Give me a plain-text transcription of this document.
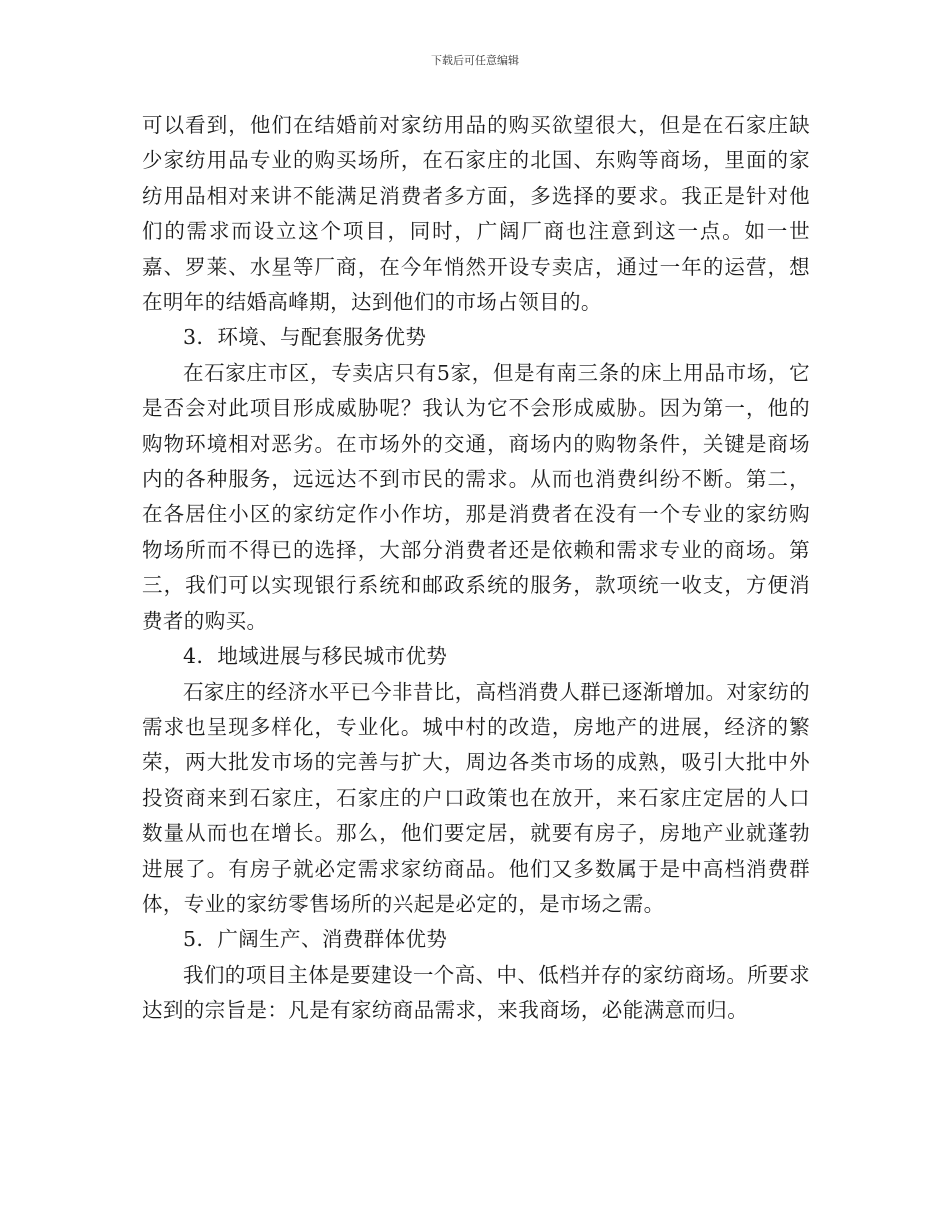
下载后可任意编辑

可以看到，他们在结婚前对家纺用品的购买欲望很大，但是在石家庄缺少家纺用品专业的购买场所，在石家庄的北国、东购等商场，里面的家纺用品相对来讲不能满足消费者多方面，多选择的要求。我正是针对他们的需求而设立这个项目，同时，广阔厂商也注意到这一点。如一世嘉、罗莱、水星等厂商，在今年悄然开设专卖店，通过一年的运营，想在明年的结婚高峰期，达到他们的市场占领目的。

3．环境、与配套服务优势

在石家庄市区，专卖店只有5家，但是有南三条的床上用品市场，它是否会对此项目形成威胁呢？我认为它不会形成威胁。因为第一，他的购物环境相对恶劣。在市场外的交通，商场内的购物条件，关键是商场内的各种服务，远远达不到市民的需求。从而也消费纠纷不断。第二，在各居住小区的家纺定作小作坊，那是消费者在没有一个专业的家纺购物场所而不得已的选择，大部分消费者还是依赖和需求专业的商场。第三，我们可以实现银行系统和邮政系统的服务，款项统一收支，方便消费者的购买。

4．地域进展与移民城市优势

石家庄的经济水平已今非昔比，高档消费人群已逐渐增加。对家纺的需求也呈现多样化，专业化。城中村的改造，房地产的进展，经济的繁荣，两大批发市场的完善与扩大，周边各类市场的成熟，吸引大批中外投资商来到石家庄，石家庄的户口政策也在放开，来石家庄定居的人口数量从而也在增长。那么，他们要定居，就要有房子，房地产业就蓬勃进展了。有房子就必定需求家纺商品。他们又多数属于是中高档消费群体，专业的家纺零售场所的兴起是必定的，是市场之需。

5．广阔生产、消费群体优势

我们的项目主体是要建设一个高、中、低档并存的家纺商场。所要求达到的宗旨是：凡是有家纺商品需求，来我商场，必能满意而归。
